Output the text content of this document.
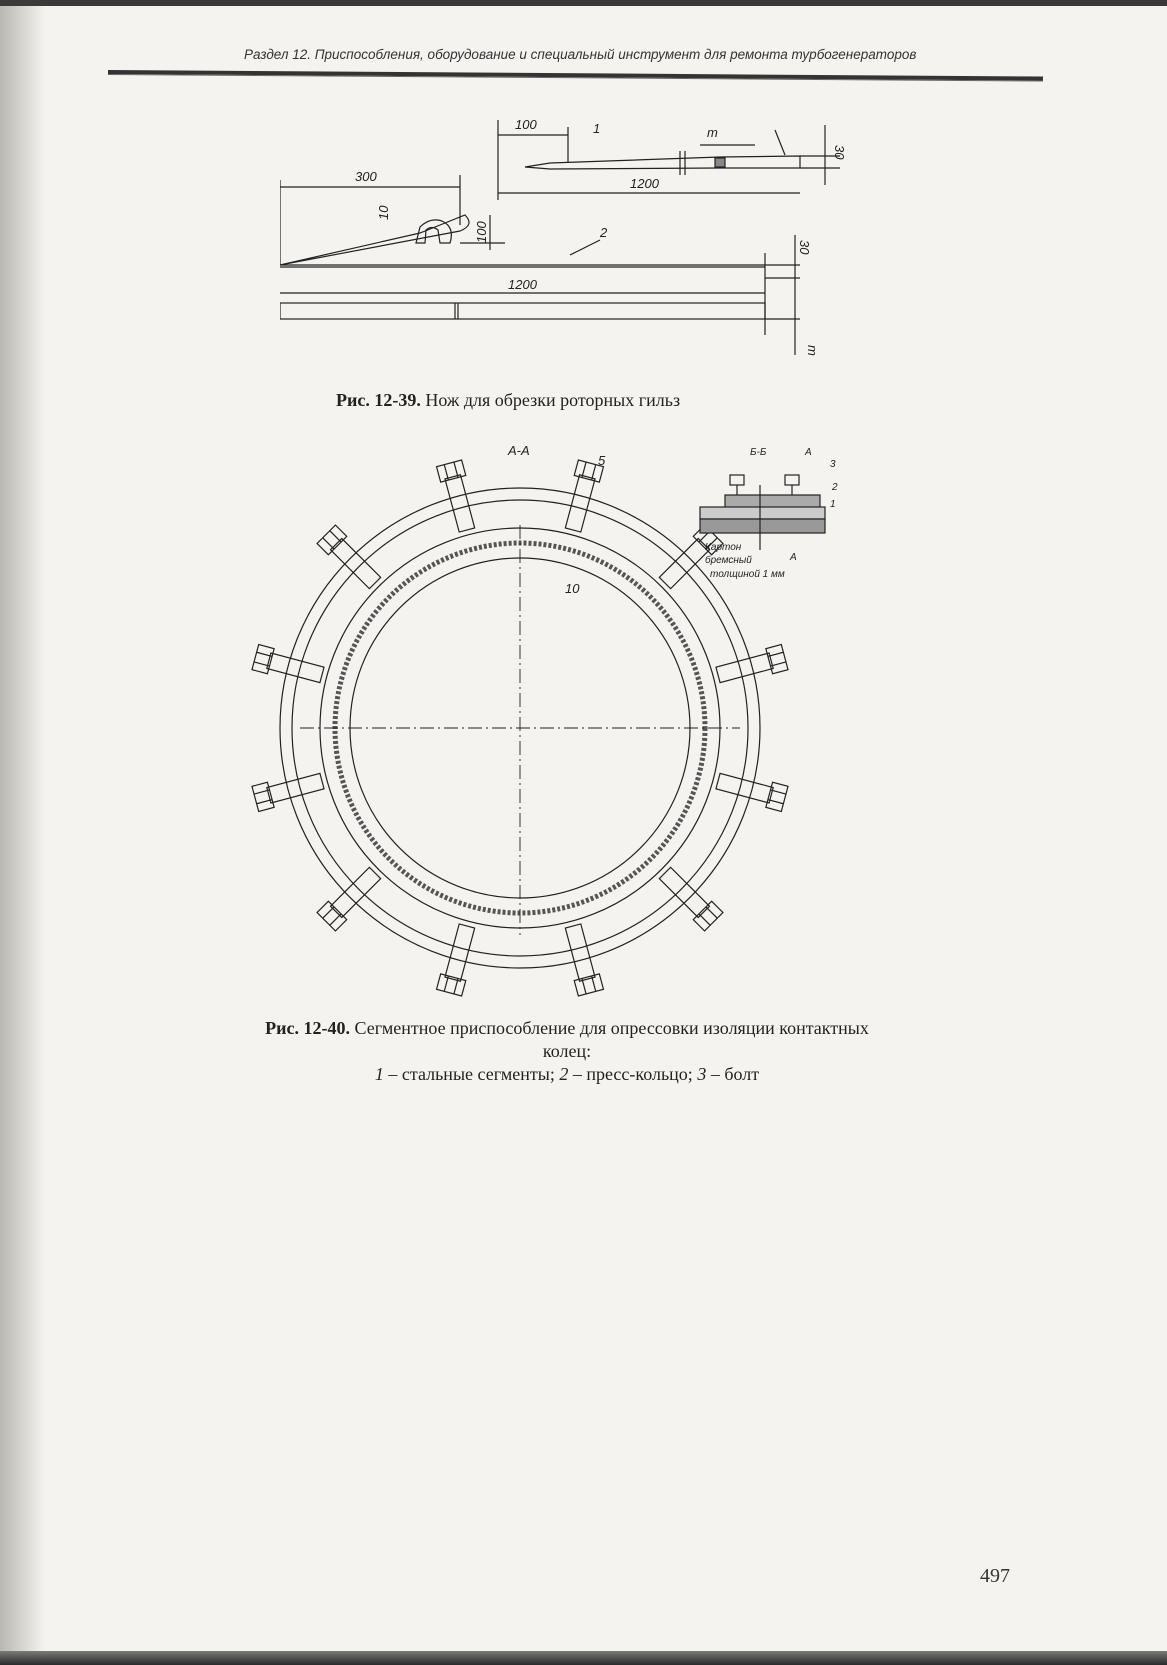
Раздел 12. Приспособления, оборудование и специальный инструмент для ремонта турбогенераторов
100	1	m
30
1200
300
10
100	2
30
1200
m
Рис. 12-39. Нож для обрезки роторных гильз
А-А
5
10
Б-Б	А
3
2
1
Картон
бремсный
толщиной 1 мм
А
Рис. 12-40. Сегментное приспособление для опрессовки изоляции контактных
колец:
1 – стальные сегменты; 2 – пресс-кольцо; 3 – болт
497
